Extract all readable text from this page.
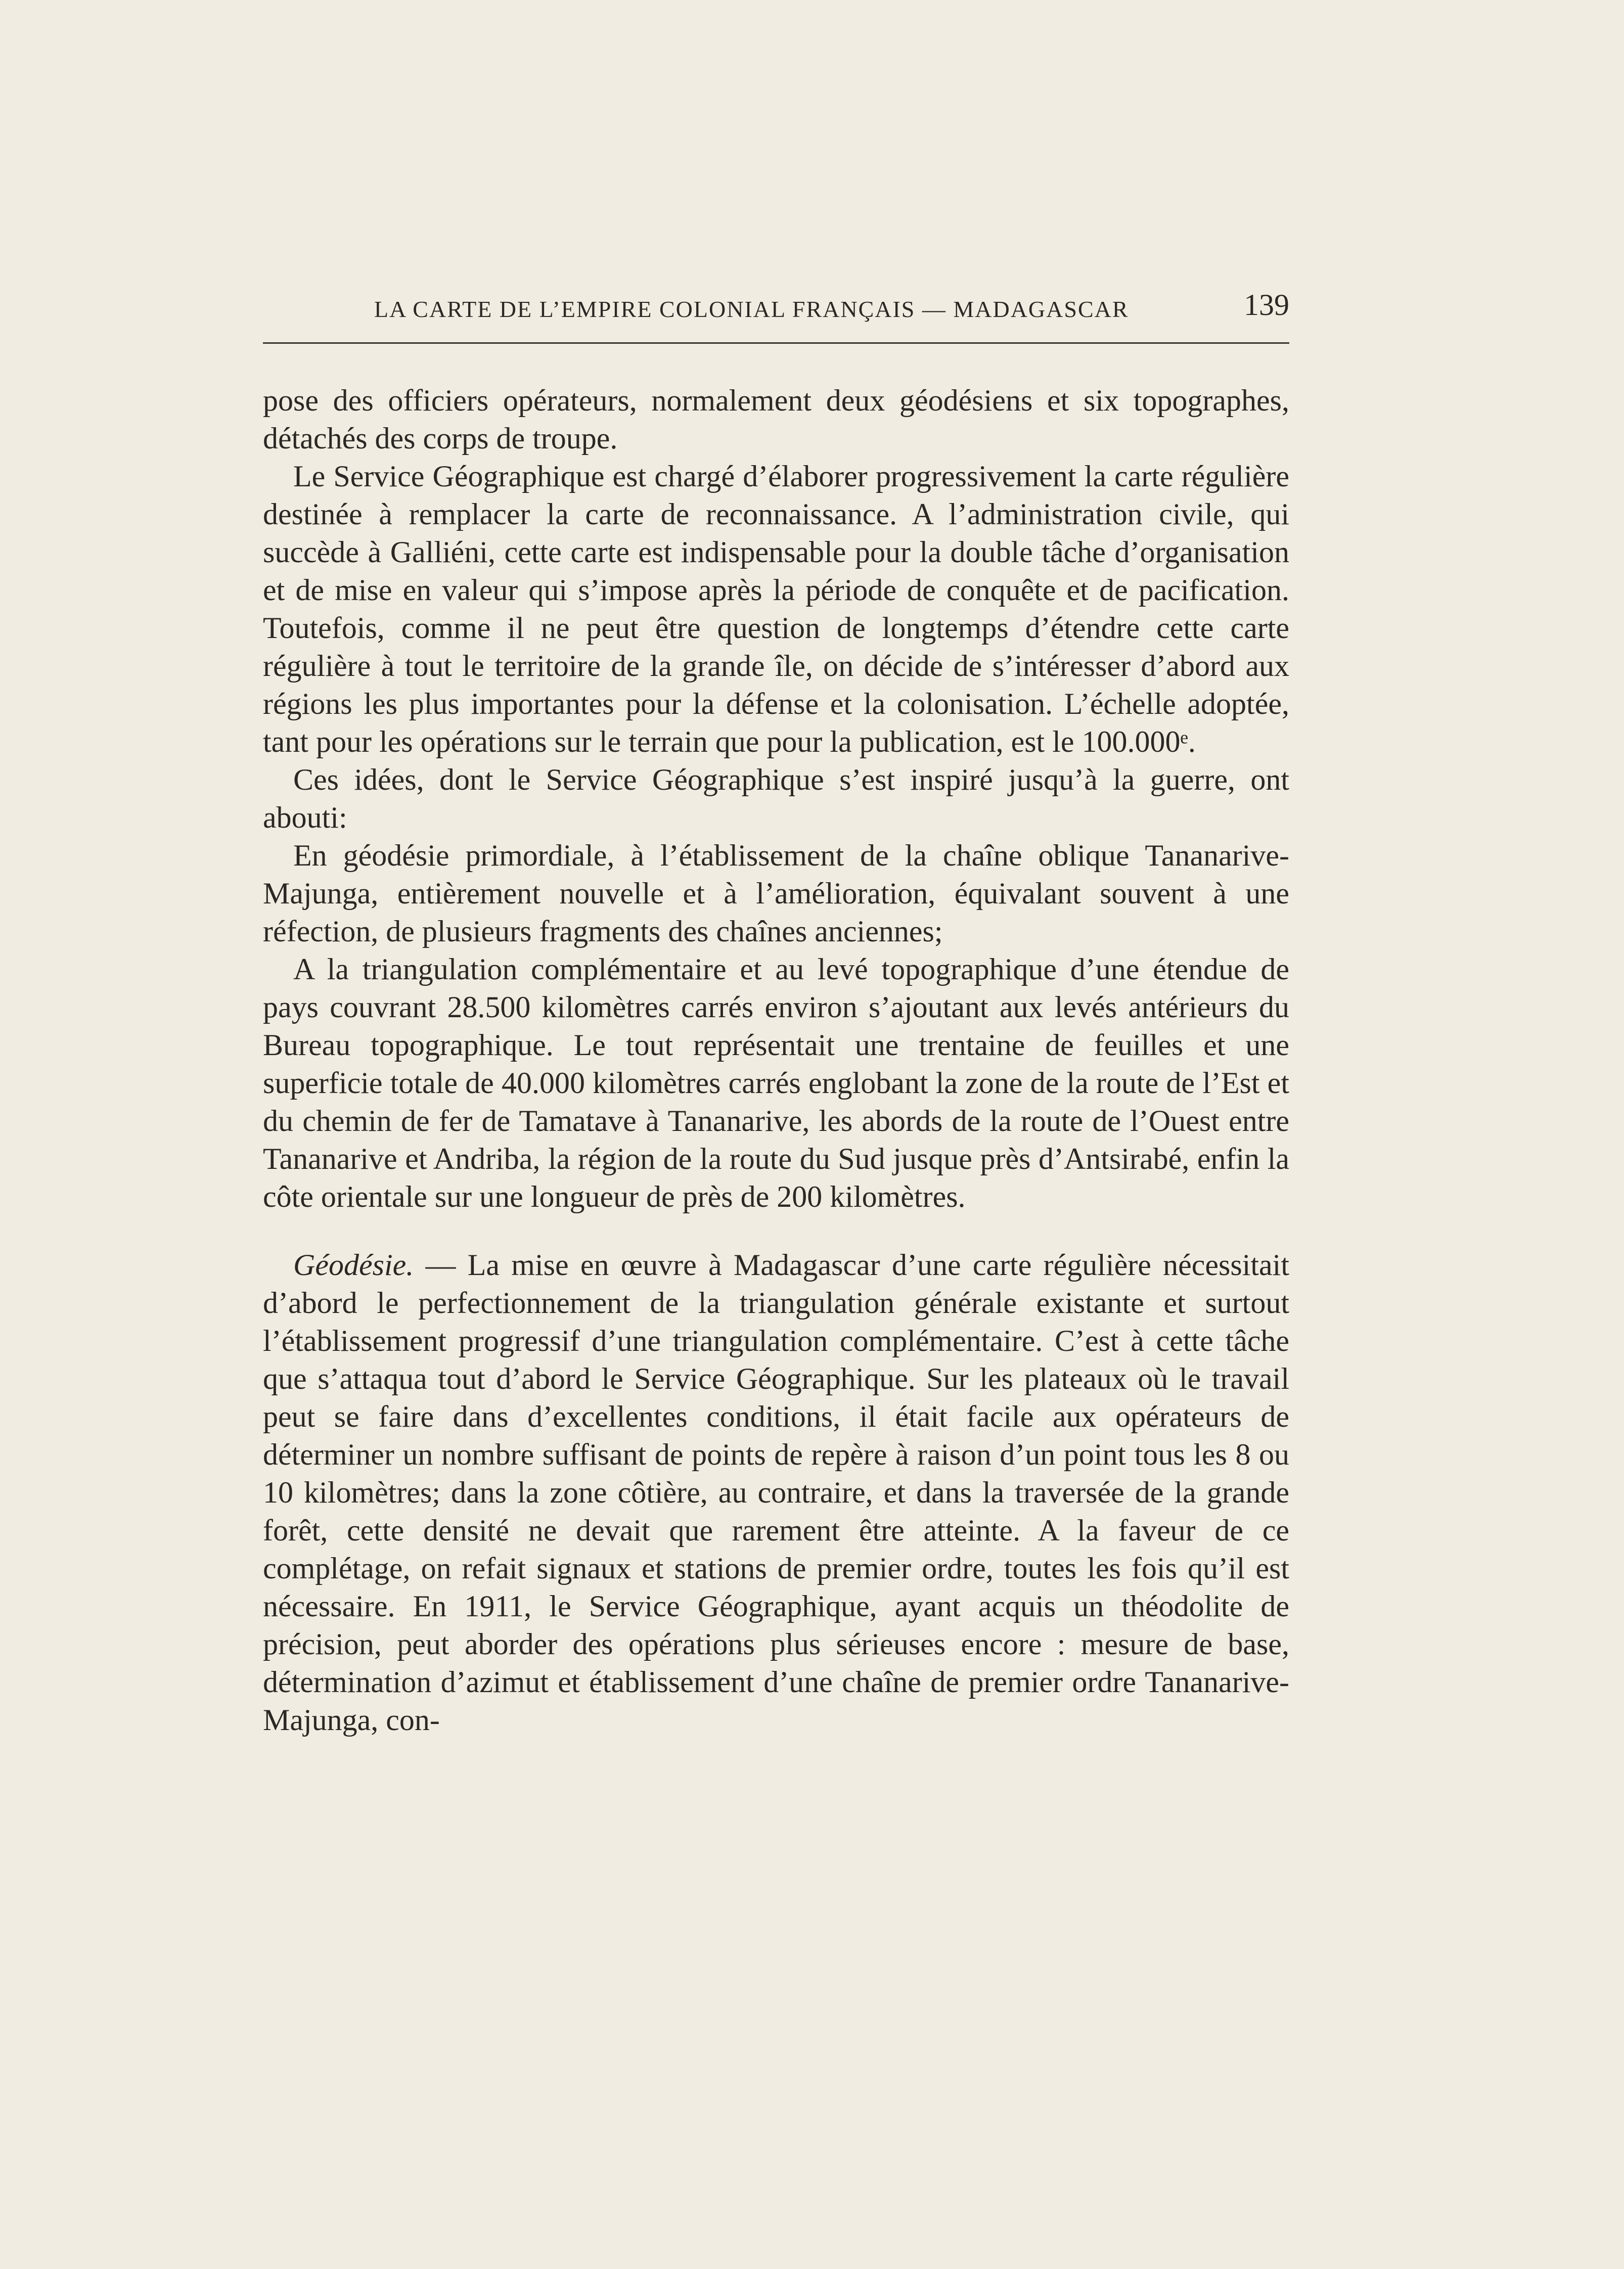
LA CARTE DE L’EMPIRE COLONIAL FRANÇAIS — MADAGASCAR	139

pose des officiers opérateurs, normalement deux géodésiens et six topographes, détachés des corps de troupe.

Le Service Géographique est chargé d’élaborer progressivement la carte régulière destinée à remplacer la carte de reconnaissance. A l’administration civile, qui succède à Galliéni, cette carte est indispensable pour la double tâche d’organisation et de mise en valeur qui s’impose après la période de conquête et de pacification. Toutefois, comme il ne peut être question de longtemps d’étendre cette carte régulière à tout le territoire de la grande île, on décide de s’intéresser d’abord aux régions les plus importantes pour la défense et la colonisation. L’échelle adoptée, tant pour les opérations sur le terrain que pour la publication, est le 100.000ᵉ.

Ces idées, dont le Service Géographique s’est inspiré jusqu’à la guerre, ont abouti:

En géodésie primordiale, à l’établissement de la chaîne oblique Tananarive-Majunga, entièrement nouvelle et à l’amélioration, équivalant souvent à une réfection, de plusieurs fragments des chaînes anciennes;

A la triangulation complémentaire et au levé topographique d’une étendue de pays couvrant 28.500 kilomètres carrés environ s’ajoutant aux levés antérieurs du Bureau topographique. Le tout représentait une trentaine de feuilles et une superficie totale de 40.000 kilomètres carrés englobant la zone de la route de l’Est et du chemin de fer de Tamatave à Tananarive, les abords de la route de l’Ouest entre Tananarive et Andriba, la région de la route du Sud jusque près d’Antsirabé, enfin la côte orientale sur une longueur de près de 200 kilomètres.

Géodésie. — La mise en œuvre à Madagascar d’une carte régulière nécessitait d’abord le perfectionnement de la triangulation générale existante et surtout l’établissement progressif d’une triangulation complémentaire. C’est à cette tâche que s’attaqua tout d’abord le Service Géographique. Sur les plateaux où le travail peut se faire dans d’excellentes conditions, il était facile aux opérateurs de déterminer un nombre suffisant de points de repère à raison d’un point tous les 8 ou 10 kilomètres; dans la zone côtière, au contraire, et dans la traversée de la grande forêt, cette densité ne devait que rarement être atteinte. A la faveur de ce complétage, on refait signaux et stations de premier ordre, toutes les fois qu’il est nécessaire. En 1911, le Service Géographique, ayant acquis un théodolite de précision, peut aborder des opérations plus sérieuses encore : mesure de base, détermination d’azimut et établissement d’une chaîne de premier ordre Tananarive-Majunga, con-
